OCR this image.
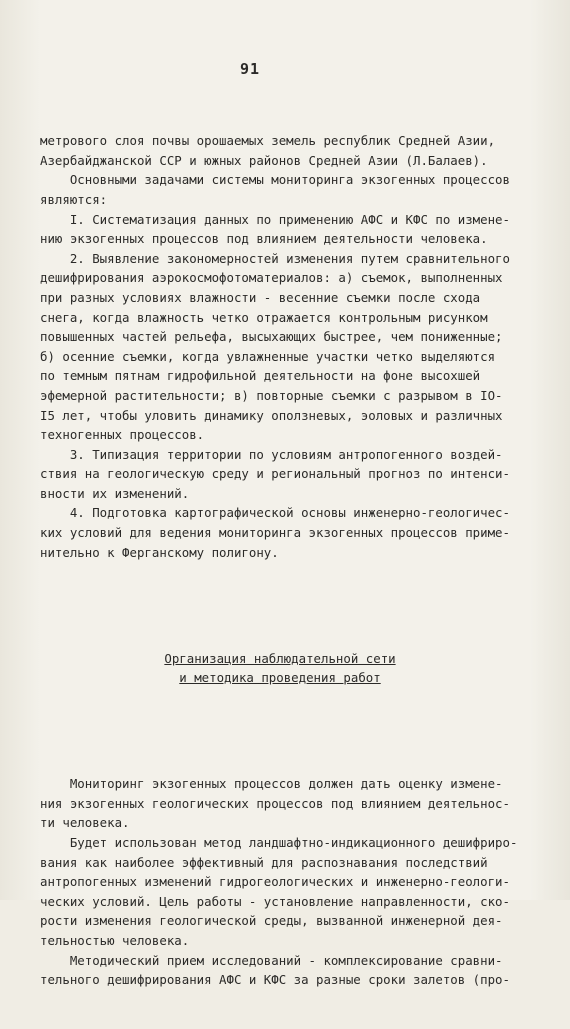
91

метрового слоя почвы орошаемых земель республик Средней Азии,
Азербайджанской ССР и южных районов Средней Азии (Л.Балаев).
Основными задачами системы мониторинга экзогенных процессов
являются:
I. Систематизация данных по применению АФС и КФС по измене-
нию экзогенных процессов под влиянием деятельности человека.
2. Выявление закономерностей изменения путем сравнительного
дешифрирования аэрокосмофотоматериалов: а) съемок, выполненных
при разных условиях влажности - весенние съемки после схода
снега, когда влажность четко отражается контрольным рисунком
повышенных частей рельефа, высыхающих быстрее, чем пониженные;
б) осенние съемки, когда увлажненные участки четко выделяются
по темным пятнам гидрофильной деятельности на фоне высохшей
эфемерной растительности; в) повторные съемки с разрывом в IO-
I5 лет, чтобы уловить динамику оползневых, эоловых и различных
техногенных процессов.
3. Типизация территории по условиям антропогенного воздей-
ствия на геологическую среду и региональный прогноз по интенси-
вности их изменений.
4. Подготовка картографической основы инженерно-геологичес-
ких условий для ведения мониторинга экзогенных процессов приме-
нительно к Ферганскому полигону.

Организация наблюдательной сети
и методика проведения работ

Мониторинг экзогенных процессов должен дать оценку измене-
ния экзогенных геологических процессов под влиянием деятельнос-
ти человека.
Будет использован метод ландшафтно-индикационного дешифриро-
вания как наиболее эффективный для распознавания последствий
антропогенных изменений гидрогеологических и инженерно-геологи-
ческих условий. Цель работы - установление направленности, ско-
рости изменения геологической среды, вызванной инженерной дея-
тельностью человека.
Методический прием исследований - комплексирование сравни-
тельного дешифрирования АФС и КФС за разные сроки залетов (про-
